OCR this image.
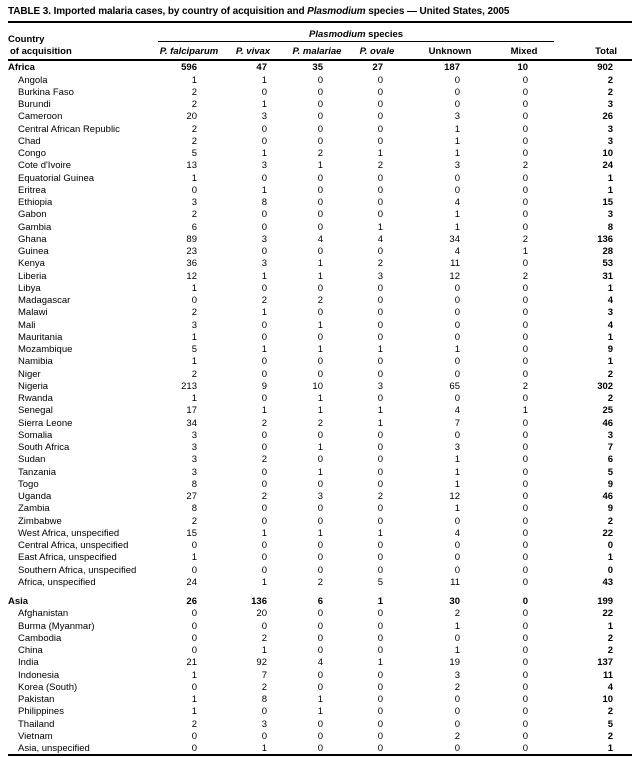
TABLE 3. Imported malaria cases, by country of acquisition and Plasmodium species — United States, 2005
Country
of acquisition	Plasmodium species						Total
	P. falciparum	P. vivax	P. malariae	P. ovale	Unknown	Mixed	
Africa	596	47	35	27	187	10	902
Angola	1	1	0	0	0	0	2
Burkina Faso	2	0	0	0	0	0	2
Burundi	2	1	0	0	0	0	3
Cameroon	20	3	0	0	3	0	26
Central African Republic	2	0	0	0	1	0	3
Chad	2	0	0	0	1	0	3
Congo	5	1	2	1	1	0	10
Cote d'Ivoire	13	3	1	2	3	2	24
Equatorial Guinea	1	0	0	0	0	0	1
Eritrea	0	1	0	0	0	0	1
Ethiopia	3	8	0	0	4	0	15
Gabon	2	0	0	0	1	0	3
Gambia	6	0	0	1	1	0	8
Ghana	89	3	4	4	34	2	136
Guinea	23	0	0	0	4	1	28
Kenya	36	3	1	2	11	0	53
Liberia	12	1	1	3	12	2	31
Libya	1	0	0	0	0	0	1
Madagascar	0	2	2	0	0	0	4
Malawi	2	1	0	0	0	0	3
Mali	3	0	1	0	0	0	4
Mauritania	1	0	0	0	0	0	1
Mozambique	5	1	1	1	1	0	9
Namibia	1	0	0	0	0	0	1
Niger	2	0	0	0	0	0	2
Nigeria	213	9	10	3	65	2	302
Rwanda	1	0	1	0	0	0	2
Senegal	17	1	1	1	4	1	25
Sierra Leone	34	2	2	1	7	0	46
Somalia	3	0	0	0	0	0	3
South Africa	3	0	1	0	3	0	7
Sudan	3	2	0	0	1	0	6
Tanzania	3	0	1	0	1	0	5
Togo	8	0	0	0	1	0	9
Uganda	27	2	3	2	12	0	46
Zambia	8	0	0	0	1	0	9
Zimbabwe	2	0	0	0	0	0	2
West Africa, unspecified	15	1	1	1	4	0	22
Central Africa, unspecified	0	0	0	0	0	0	0
East Africa, unspecified	1	0	0	0	0	0	1
Southern Africa, unspecified	0	0	0	0	0	0	0
Africa, unspecified	24	1	2	5	11	0	43
Asia	26	136	6	1	30	0	199
Afghanistan	0	20	0	0	2	0	22
Burma (Myanmar)	0	0	0	0	1	0	1
Cambodia	0	2	0	0	0	0	2
China	0	1	0	0	1	0	2
India	21	92	4	1	19	0	137
Indonesia	1	7	0	0	3	0	11
Korea (South)	0	2	0	0	2	0	4
Pakistan	1	8	1	0	0	0	10
Philippines	1	0	1	0	0	0	2
Thailand	2	3	0	0	0	0	5
Vietnam	0	0	0	0	2	0	2
Asia, unspecified	0	1	0	0	0	0	1
